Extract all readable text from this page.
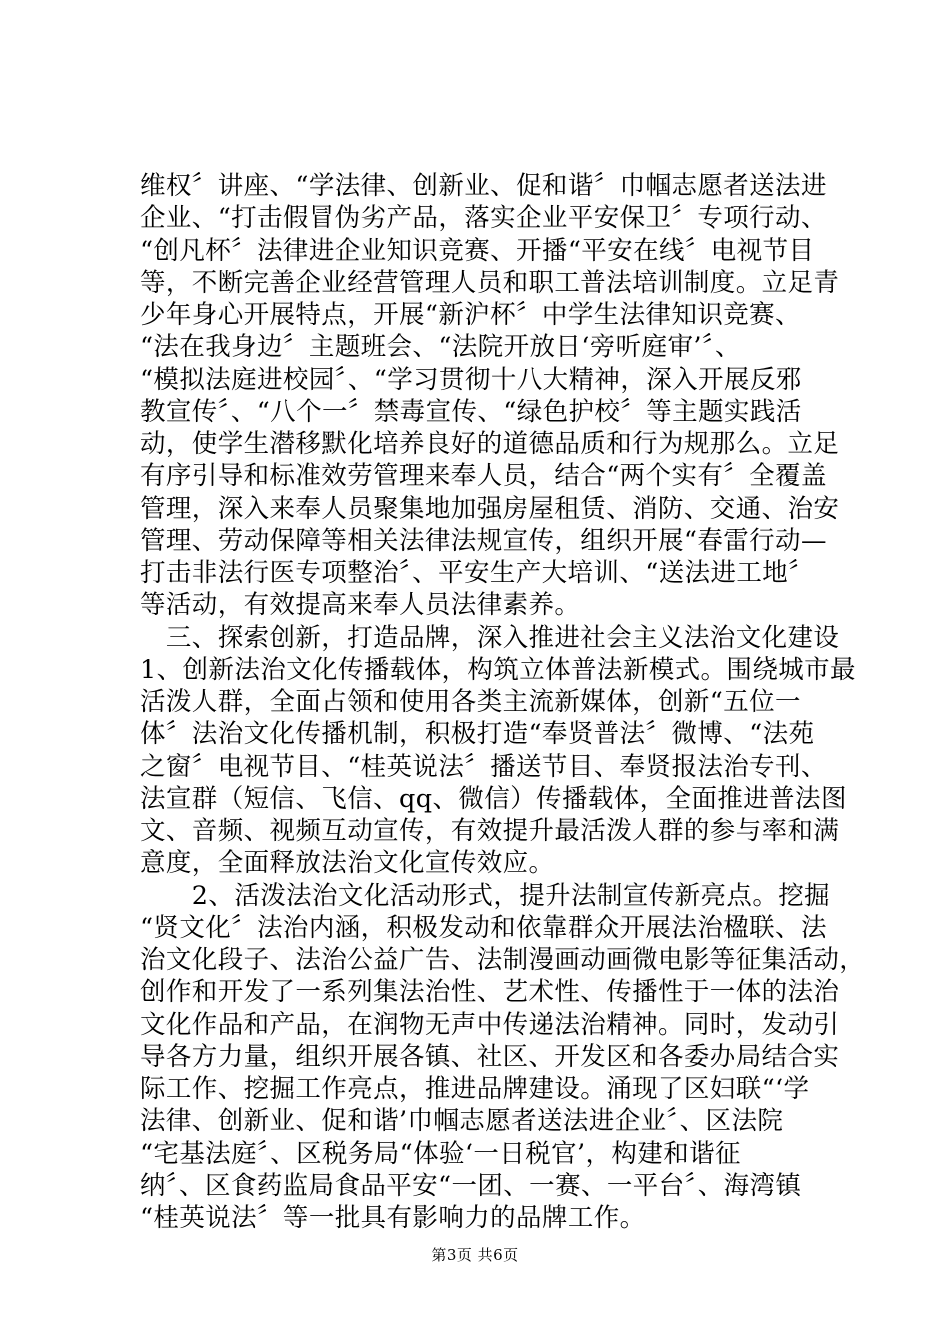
维权〞讲座、“学法律、创新业、促和谐〞巾帼志愿者送法进
企业、“打击假冒伪劣产品，落实企业平安保卫〞专项行动、
“创凡杯〞法律进企业知识竞赛、开播“平安在线〞电视节目
等，不断完善企业经营管理人员和职工普法培训制度。立足青
少年身心开展特点，开展“新沪杯〞中学生法律知识竞赛、
“法在我身边〞主题班会、“法院开放日‘旁听庭审’〞、
“模拟法庭进校园〞、“学习贯彻十八大精神，深入开展反邪
教宣传〞、“八个一〞禁毒宣传、“绿色护校〞等主题实践活
动，使学生潜移默化培养良好的道德品质和行为规那么。立足
有序引导和标准效劳管理来奉人员，结合“两个实有〞全覆盖
管理，深入来奉人员聚集地加强房屋租赁、消防、交通、治安
管理、劳动保障等相关法律法规宣传，组织开展“春雷行动—
打击非法行医专项整治〞、平安生产大培训、“送法进工地〞
等活动，有效提高来奉人员法律素养。
　三、探索创新，打造品牌，深入推进社会主义法治文化建设
1、创新法治文化传播载体，构筑立体普法新模式。围绕城市最
活泼人群，全面占领和使用各类主流新媒体，创新“五位一
体〞法治文化传播机制，积极打造“奉贤普法〞微博、“法苑
之窗〞电视节目、“桂英说法〞播送节目、奉贤报法治专刊、
法宣群（短信、飞信、qq、微信）传播载体，全面推进普法图
文、音频、视频互动宣传，有效提升最活泼人群的参与率和满
意度，全面释放法治文化宣传效应。
　　2、活泼法治文化活动形式，提升法制宣传新亮点。挖掘
“贤文化〞法治内涵，积极发动和依靠群众开展法治楹联、法
治文化段子、法治公益广告、法制漫画动画微电影等征集活动，
创作和开发了一系列集法治性、艺术性、传播性于一体的法治
文化作品和产品，在润物无声中传递法治精神。同时，发动引
导各方力量，组织开展各镇、社区、开发区和各委办局结合实
际工作、挖掘工作亮点，推进品牌建设。涌现了区妇联“‘学
法律、创新业、促和谐’巾帼志愿者送法进企业〞、区法院
“宅基法庭〞、区税务局“体验‘一日税官’，构建和谐征
纳〞、区食药监局食品平安“一团、一赛、一平台〞、海湾镇
“桂英说法〞等一批具有影响力的品牌工作。
第3页 共6页
